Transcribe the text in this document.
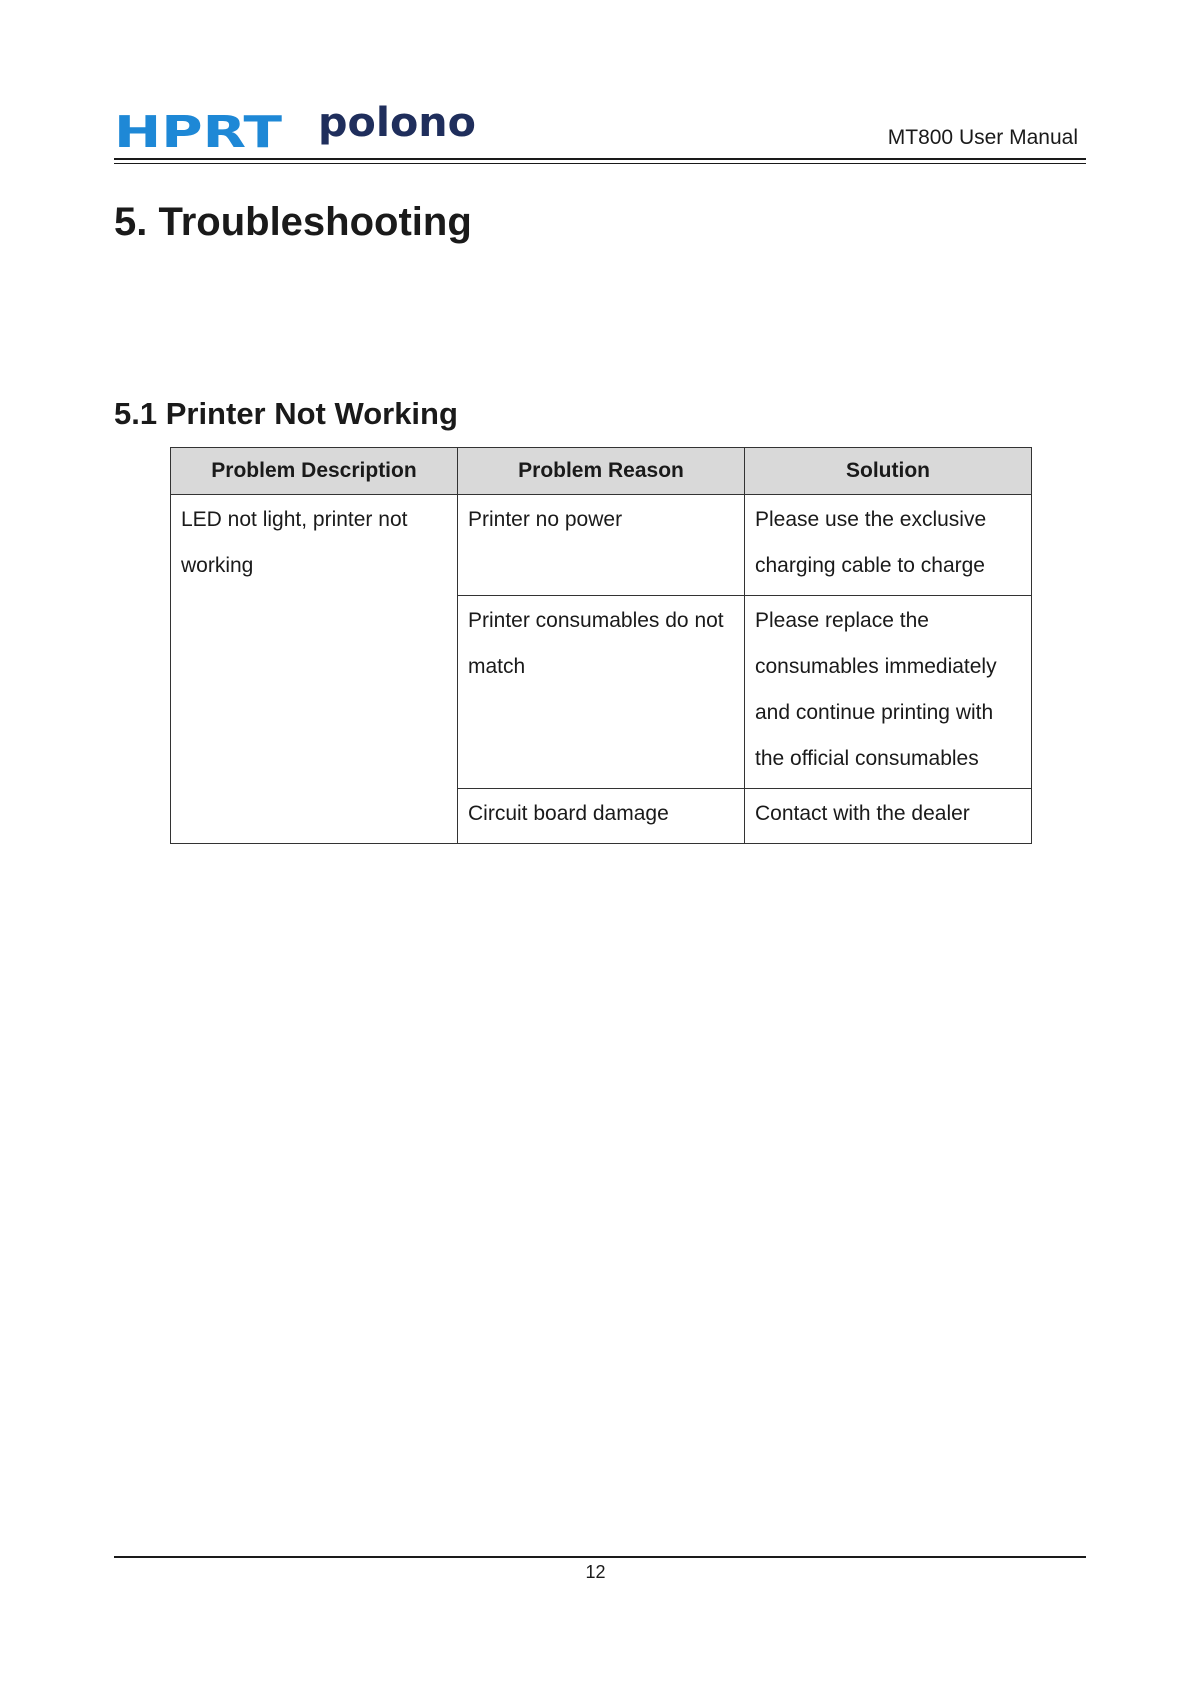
HPRT polono	MT800 User Manual
5. Troubleshooting
5.1 Printer Not Working
Problem Description	Problem Reason	Solution

LED not light, printer not working	Printer no power	Please use the exclusive charging cable to charge

	Printer consumables do not match	Please replace the consumables immediately and continue printing with the official consumables

	Circuit board damage	Contact with the dealer
12
